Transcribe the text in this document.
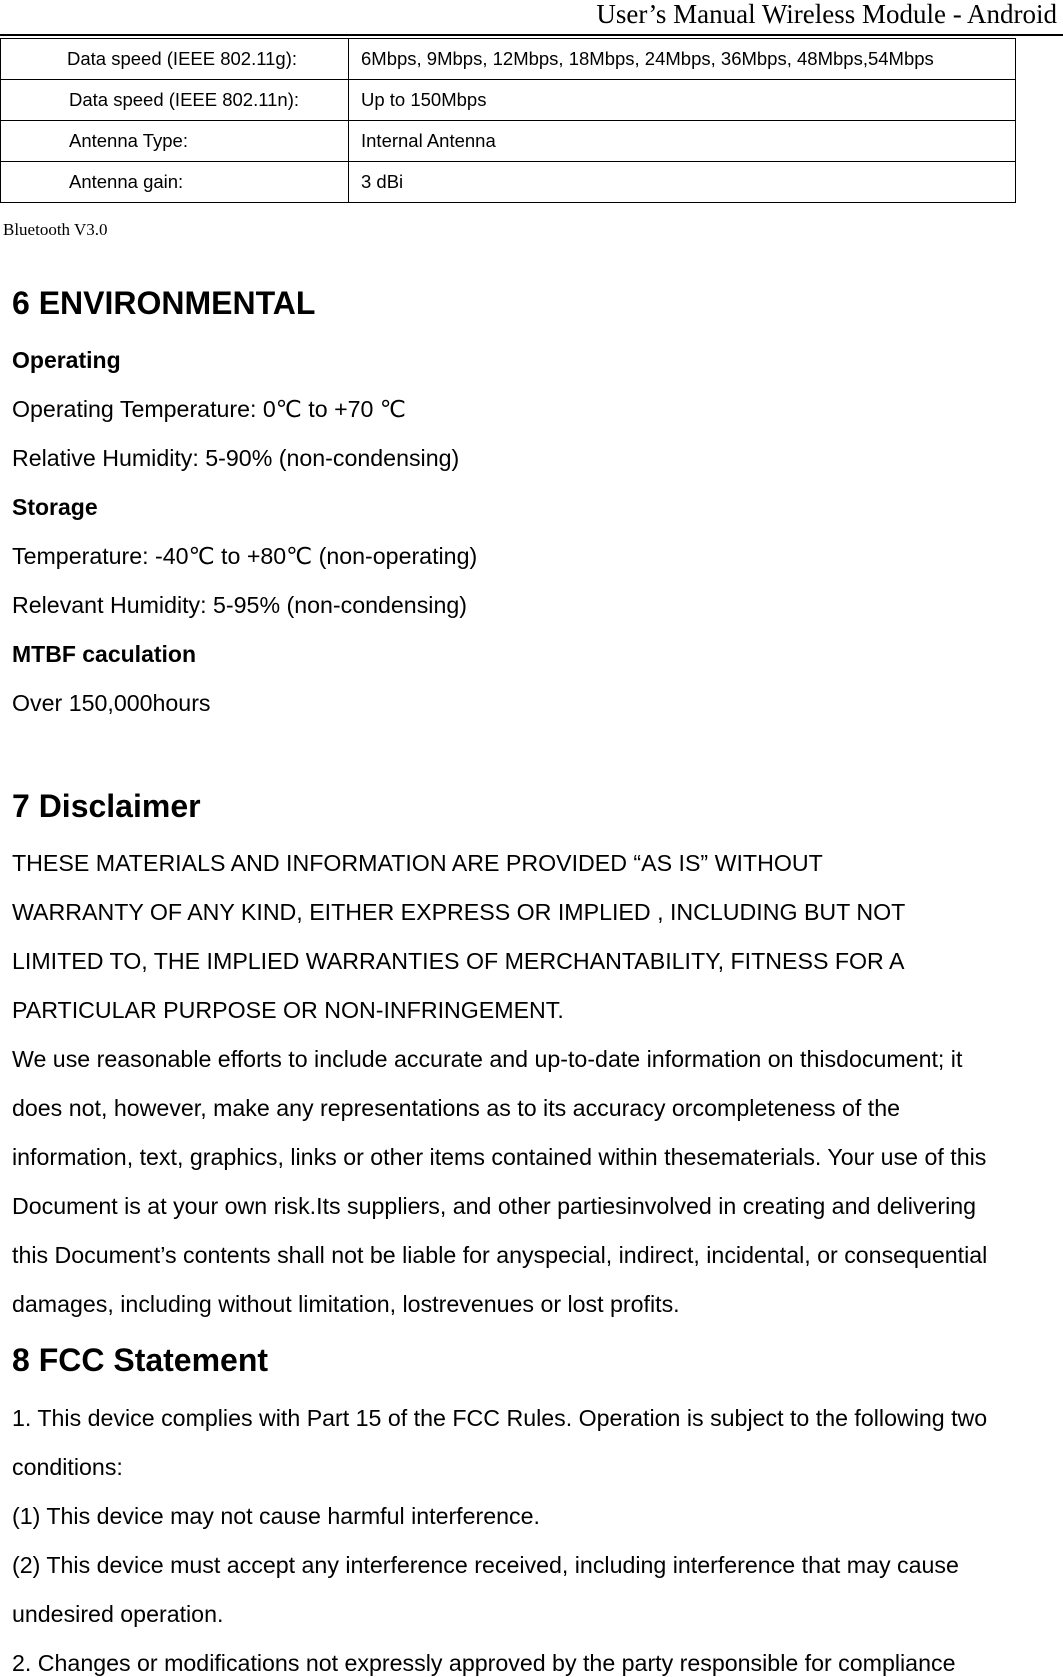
User’s Manual Wireless Module - Android
Data speed (IEEE 802.11g):	6Mbps, 9Mbps, 12Mbps, 18Mbps, 24Mbps, 36Mbps, 48Mbps,54Mbps
Data speed (IEEE 802.11n):	Up to 150Mbps
Antenna Type:	Internal Antenna
Antenna gain:	3 dBi
Bluetooth V3.0
6 ENVIRONMENTAL
Operating
Operating Temperature: 0℃ to +70 ℃
Relative Humidity: 5-90% (non-condensing)
Storage
Temperature: -40℃ to +80℃ (non-operating)
Relevant Humidity: 5-95% (non-condensing)
MTBF caculation
Over 150,000hours
7 Disclaimer
THESE MATERIALS AND INFORMATION ARE PROVIDED “AS IS” WITHOUT
WARRANTY OF ANY KIND, EITHER EXPRESS OR IMPLIED , INCLUDING BUT NOT
LIMITED TO, THE IMPLIED WARRANTIES OF MERCHANTABILITY, FITNESS FOR A
PARTICULAR PURPOSE OR NON-INFRINGEMENT.
We use reasonable efforts to include accurate and up-to-date information on thisdocument; it
does not, however, make any representations as to its accuracy orcompleteness of the
information, text, graphics, links or other items contained within thesematerials. Your use of this
Document is at your own risk.Its suppliers, and other partiesinvolved in creating and delivering
this Document’s contents shall not be liable for anyspecial, indirect, incidental, or consequential
damages, including without limitation, lostrevenues or lost profits.
8 FCC Statement
1. This device complies with Part 15 of the FCC Rules. Operation is subject to the following two
conditions:
(1) This device may not cause harmful interference.
(2) This device must accept any interference received, including interference that may cause
undesired operation.
2. Changes or modifications not expressly approved by the party responsible for compliance
